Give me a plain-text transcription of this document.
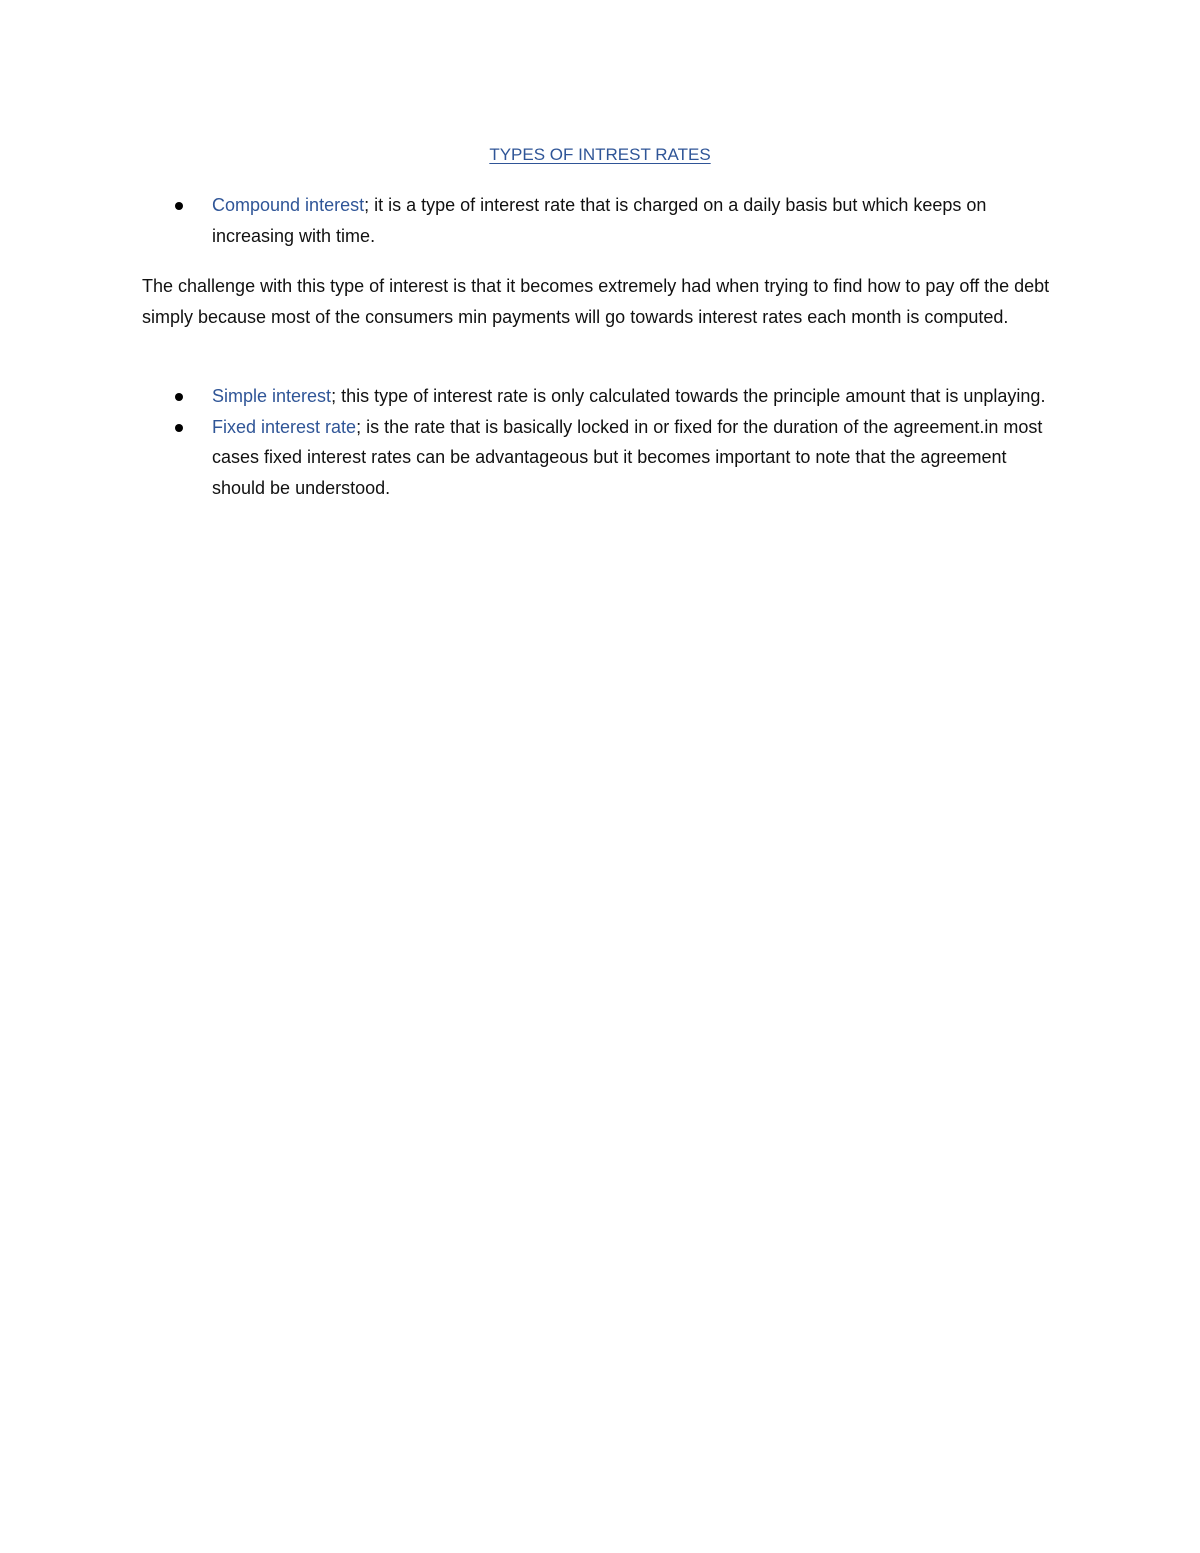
TYPES OF INTREST RATES
Compound interest; it is a type of interest rate that is charged on a daily basis but which keeps on increasing with time.

The challenge with this type of interest is that it becomes extremely had when trying to find how to pay off the debt simply because most of the consumers min payments will go towards interest rates each month is computed.

Simple interest; this type of interest rate is only calculated towards the principle amount that is unplaying.
Fixed interest rate; is the rate that is basically locked in or fixed for the duration of the agreement.in most cases fixed interest rates can be advantageous but it becomes important to note that the agreement should be understood.
